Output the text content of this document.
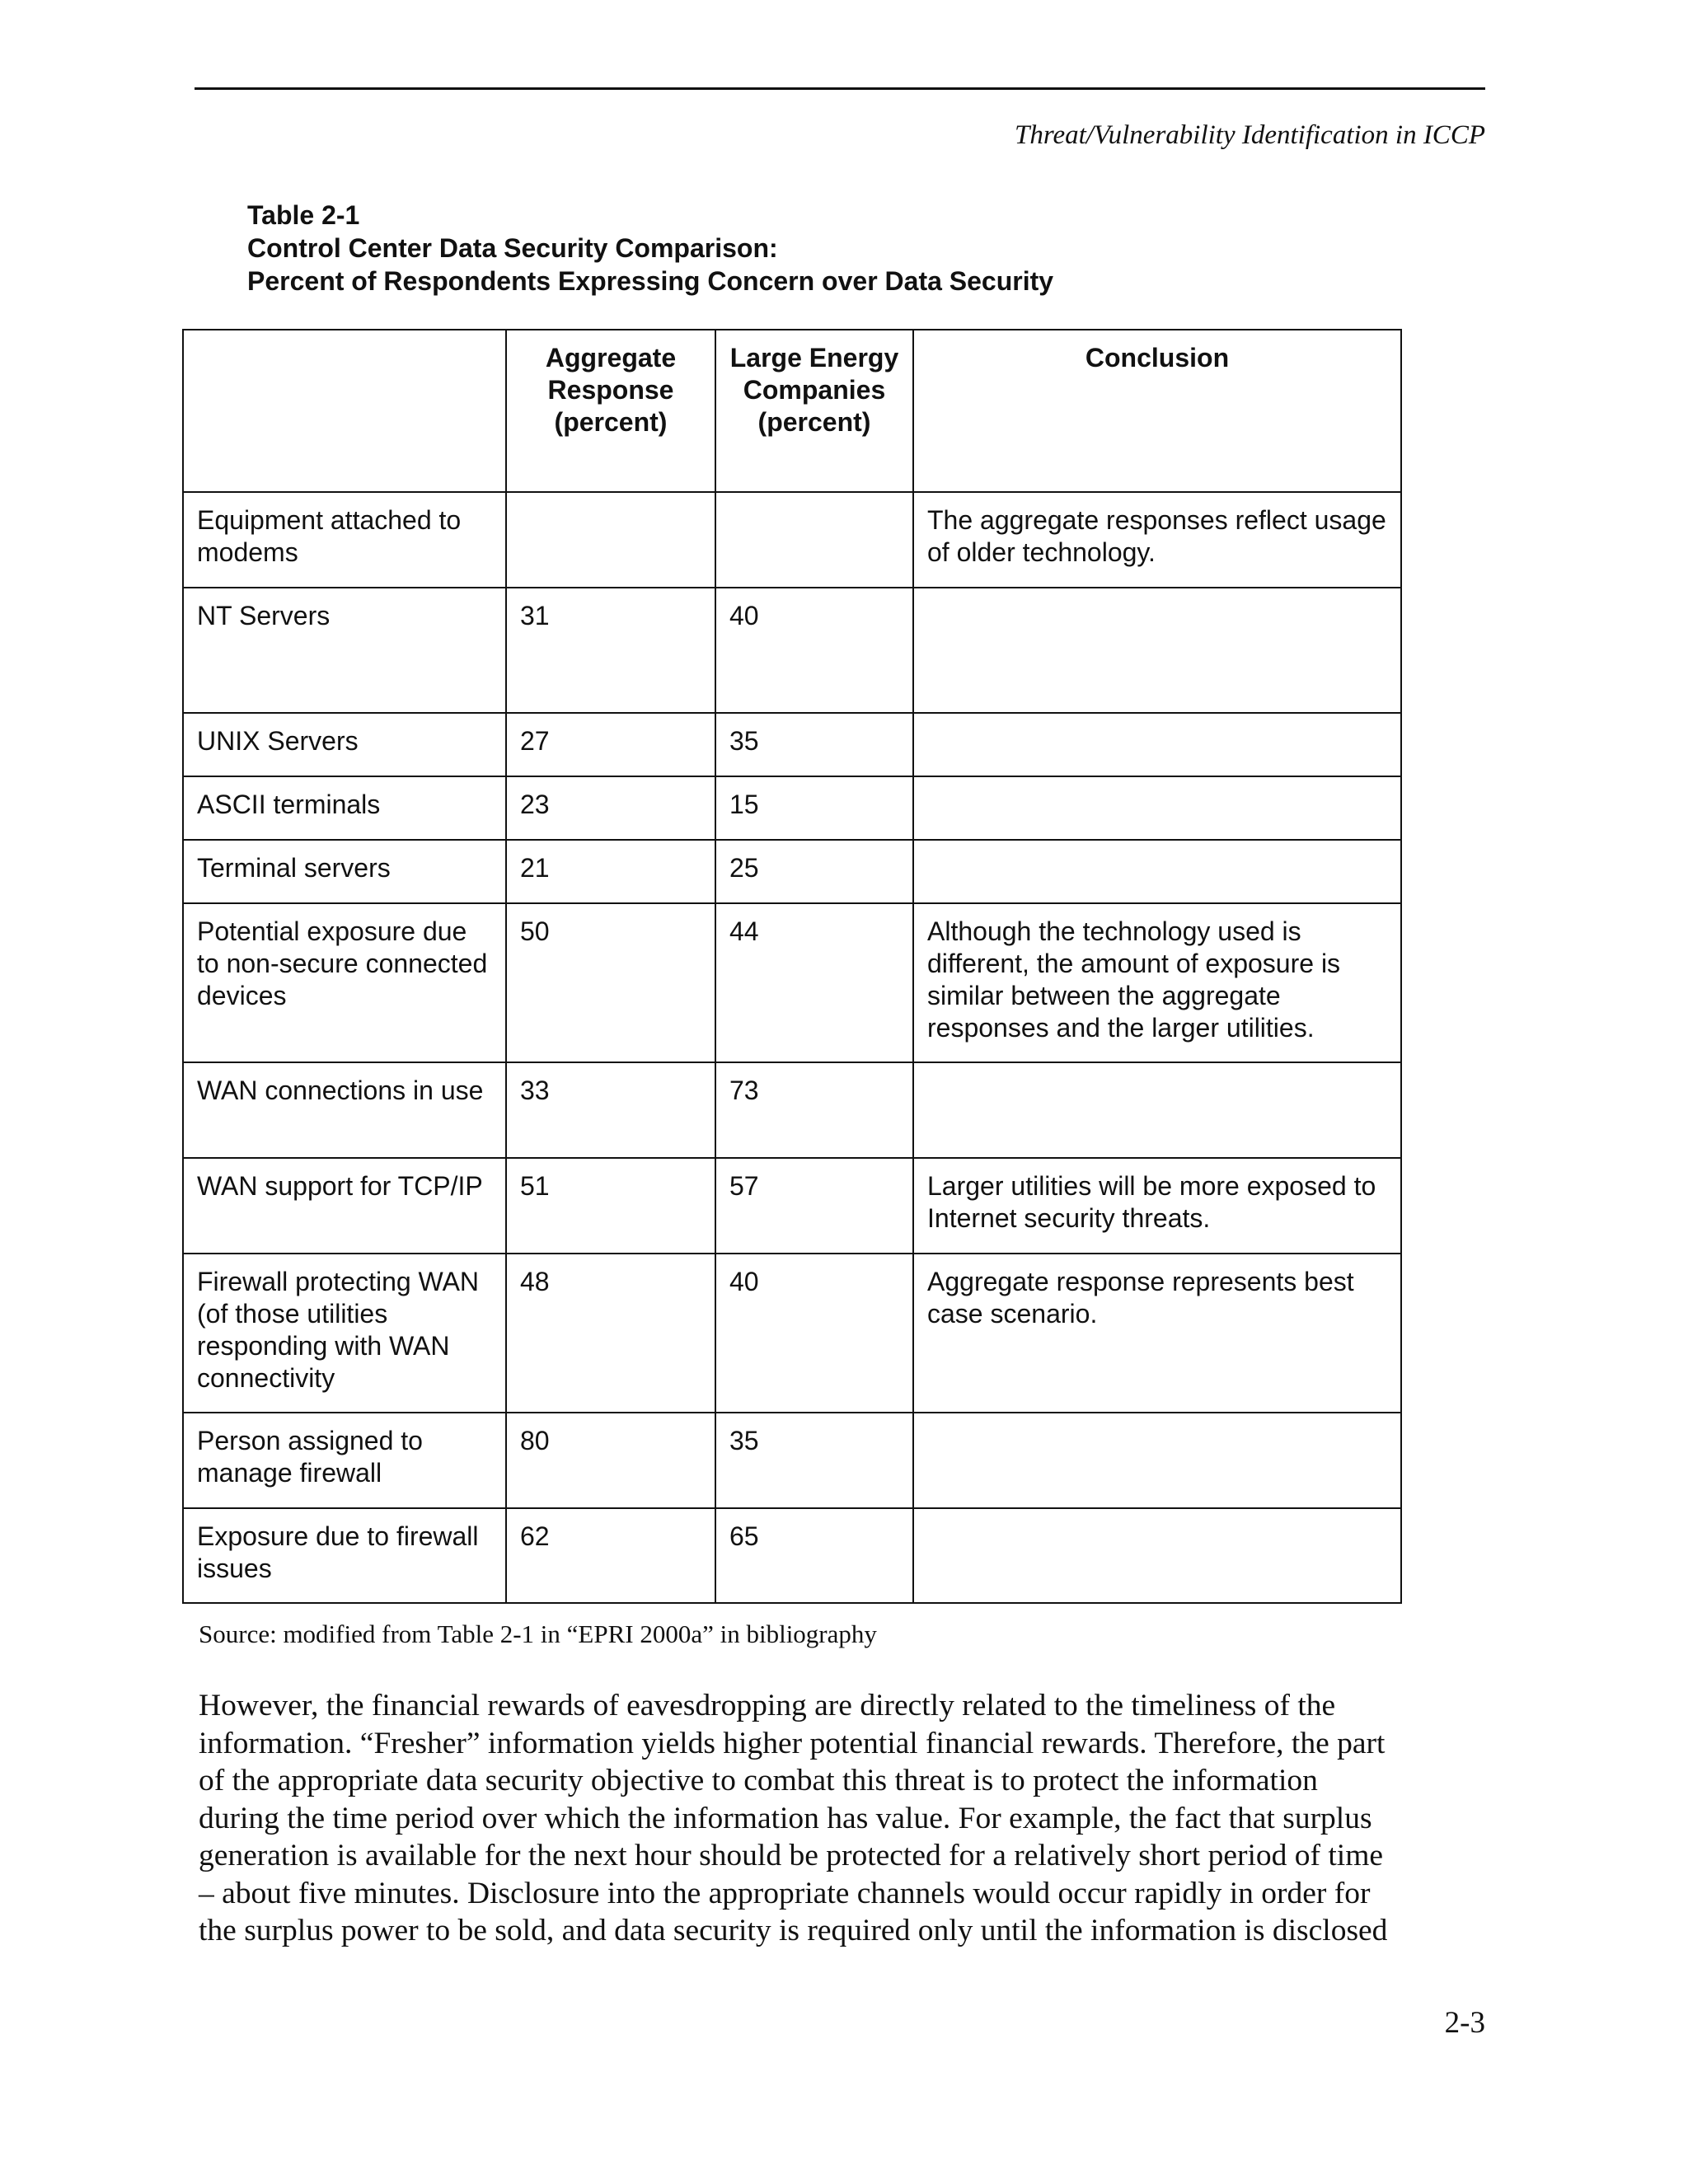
Threat/Vulnerability Identification in ICCP
Table 2-1
Control Center Data Security Comparison:
Percent of Respondents Expressing Concern over Data Security
	Aggregate Response (percent)	Large Energy Companies (percent)	Conclusion
Equipment attached to modems			The aggregate responses reflect usage of older technology.
NT Servers	31	40	
UNIX Servers	27	35	
ASCII terminals	23	15	
Terminal servers	21	25	
Potential exposure due to non-secure connected devices	50	44	Although the technology used is different, the amount of exposure is similar between the aggregate responses and the larger utilities.
WAN connections in use	33	73	
WAN support for TCP/IP	51	57	Larger utilities will be more exposed to Internet security threats.
Firewall protecting WAN (of those utilities responding with WAN connectivity	48	40	Aggregate response represents best case scenario.
Person assigned to manage firewall	80	35	
Exposure due to firewall issues	62	65	
Source: modified from Table 2-1 in “EPRI 2000a” in bibliography
However, the financial rewards of eavesdropping are directly related to the timeliness of the
information. “Fresher” information yields higher potential financial rewards. Therefore, the part
of the appropriate data security objective to combat this threat is to protect the information
during the time period over which the information has value. For example, the fact that surplus
generation is available for the next hour should be protected for a relatively short period of time
– about five minutes. Disclosure into the appropriate channels would occur rapidly in order for
the surplus power to be sold, and data security is required only until the information is disclosed
2-3
